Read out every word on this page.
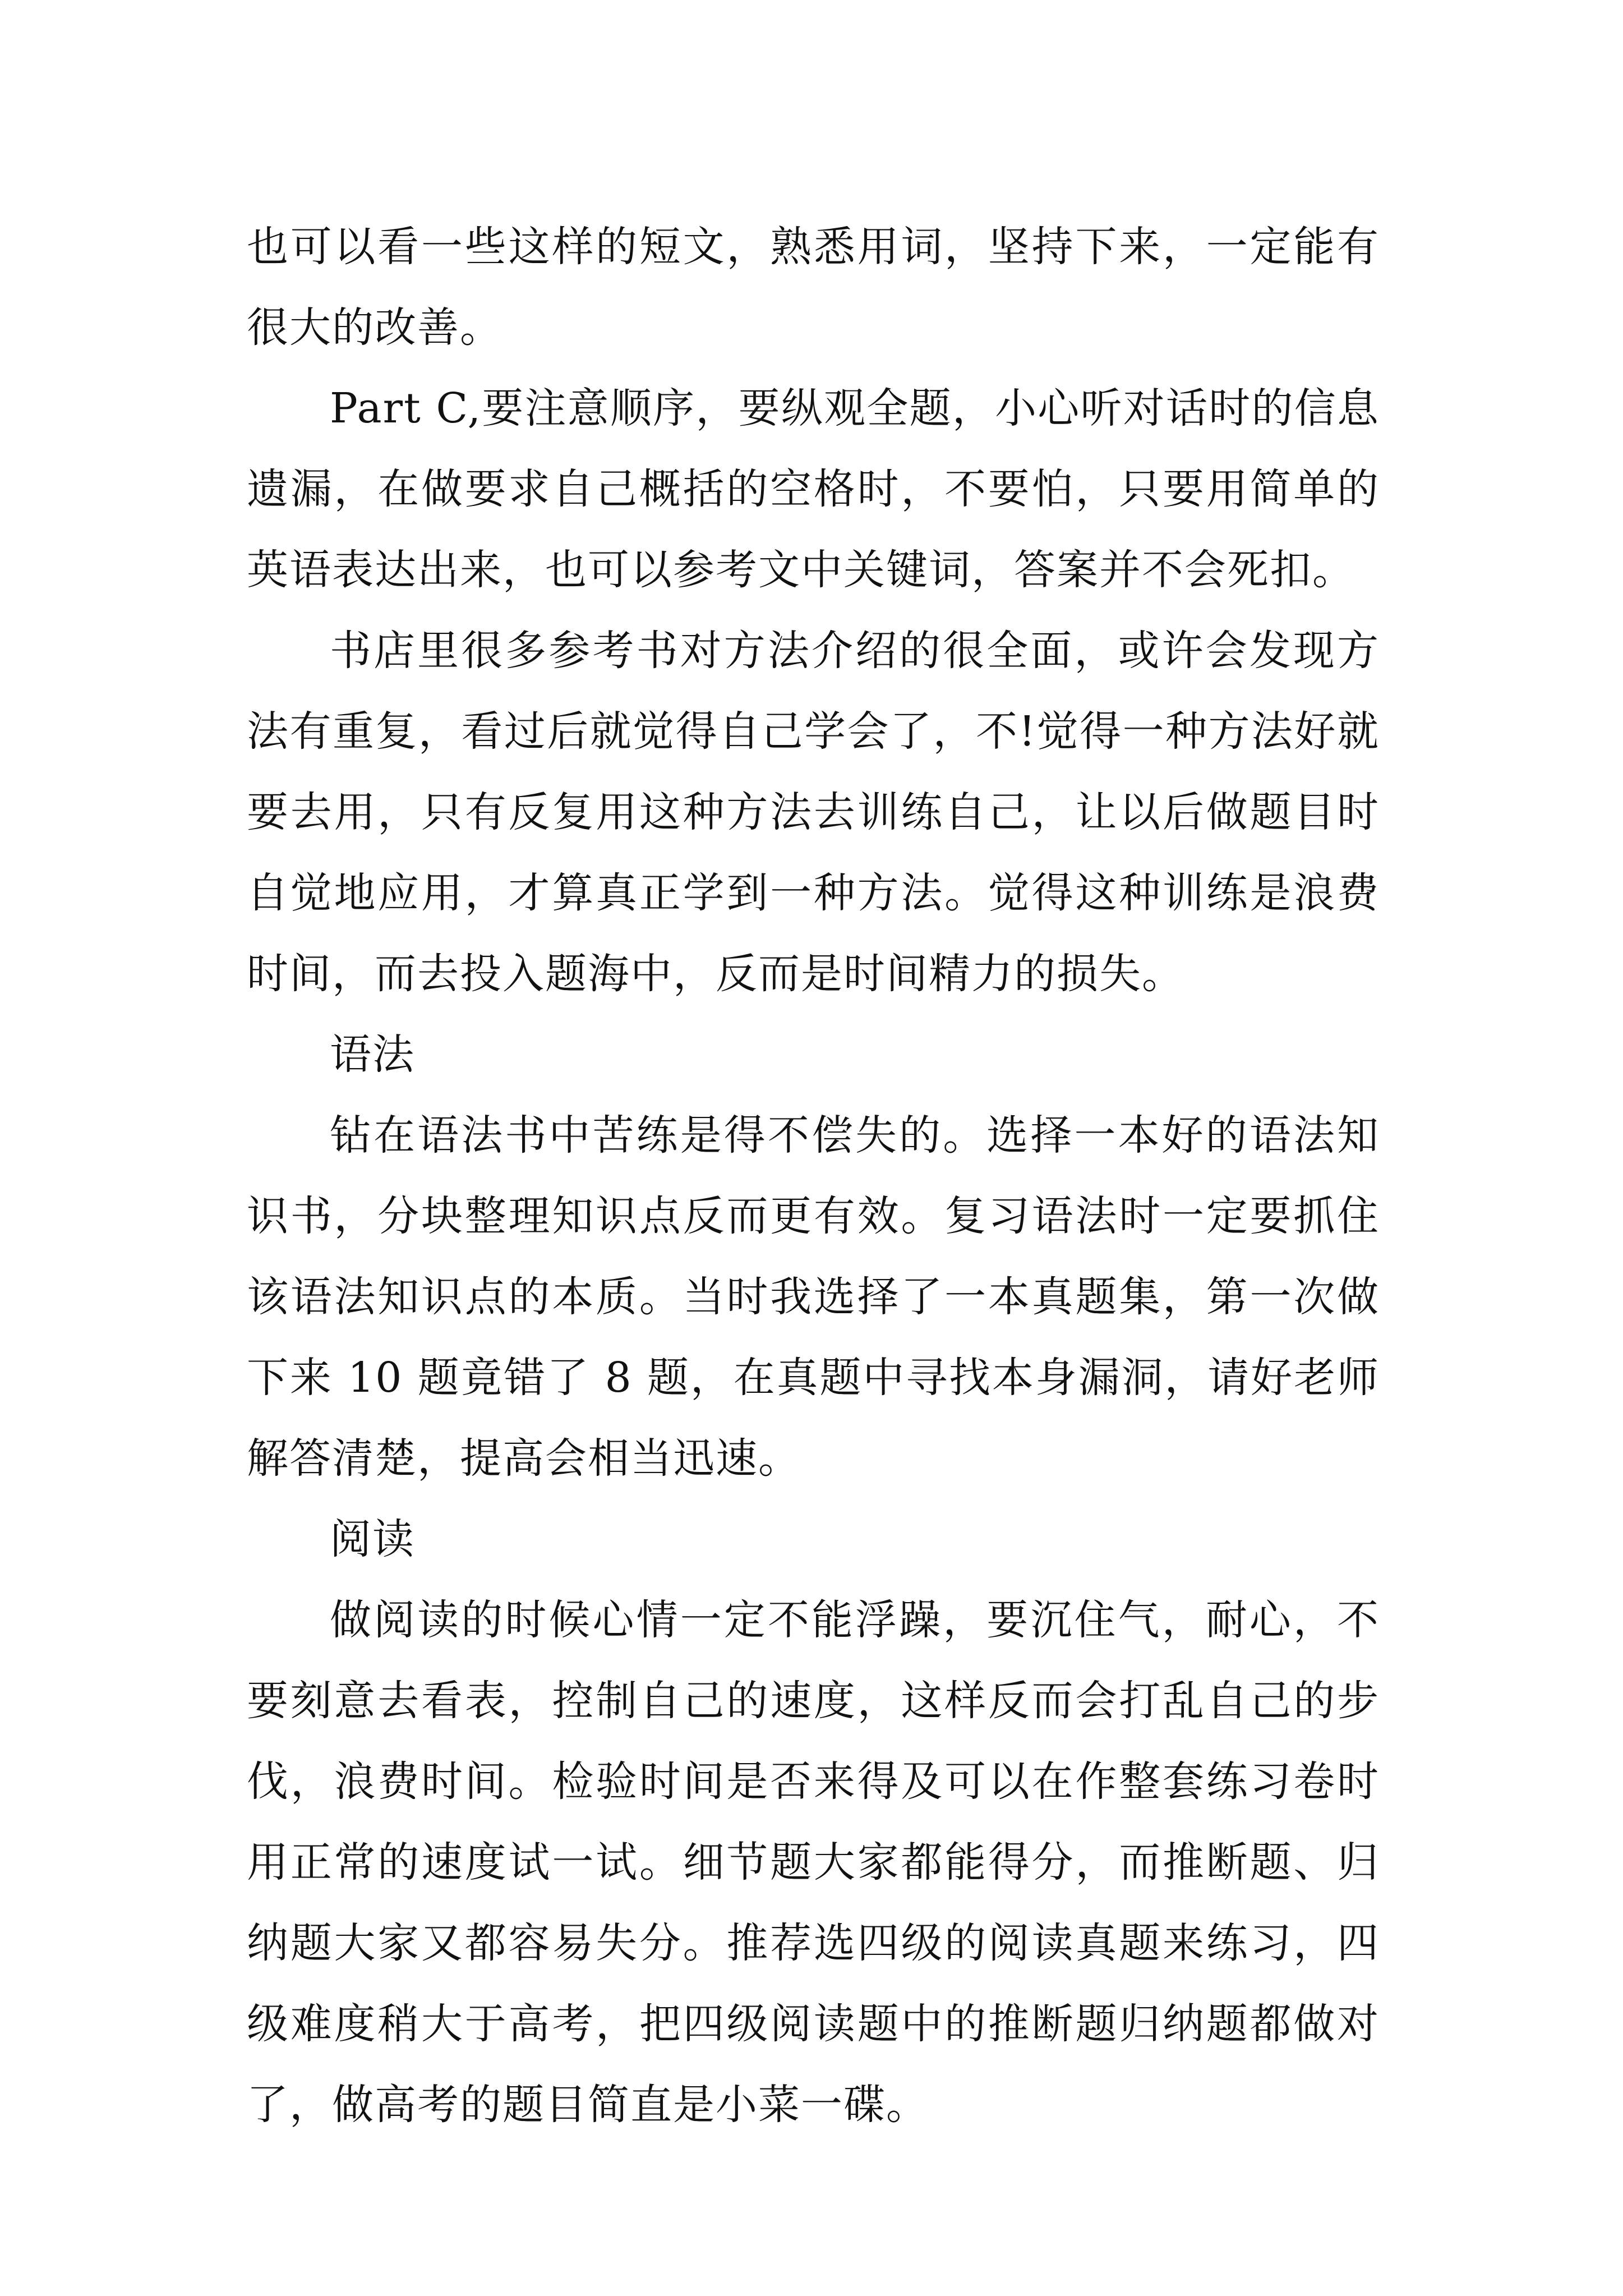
也可以看一些这样的短文，熟悉用词，坚持下来，一定能有很大的改善。

Part C,要注意顺序，要纵观全题，小心听对话时的信息遗漏，在做要求自己概括的空格时，不要怕，只要用简单的英语表达出来，也可以参考文中关键词，答案并不会死扣。

书店里很多参考书对方法介绍的很全面，或许会发现方法有重复，看过后就觉得自己学会了，不!觉得一种方法好就要去用，只有反复用这种方法去训练自己，让以后做题目时自觉地应用，才算真正学到一种方法。觉得这种训练是浪费时间，而去投入题海中，反而是时间精力的损失。

语法

钻在语法书中苦练是得不偿失的。选择一本好的语法知识书，分块整理知识点反而更有效。复习语法时一定要抓住该语法知识点的本质。当时我选择了一本真题集，第一次做下来 10 题竟错了 8 题，在真题中寻找本身漏洞，请好老师解答清楚，提高会相当迅速。

阅读

做阅读的时候心情一定不能浮躁，要沉住气，耐心，不要刻意去看表，控制自己的速度，这样反而会打乱自己的步伐，浪费时间。检验时间是否来得及可以在作整套练习卷时用正常的速度试一试。细节题大家都能得分，而推断题、归纳题大家又都容易失分。推荐选四级的阅读真题来练习，四级难度稍大于高考，把四级阅读题中的推断题归纳题都做对了，做高考的题目简直是小菜一碟。
